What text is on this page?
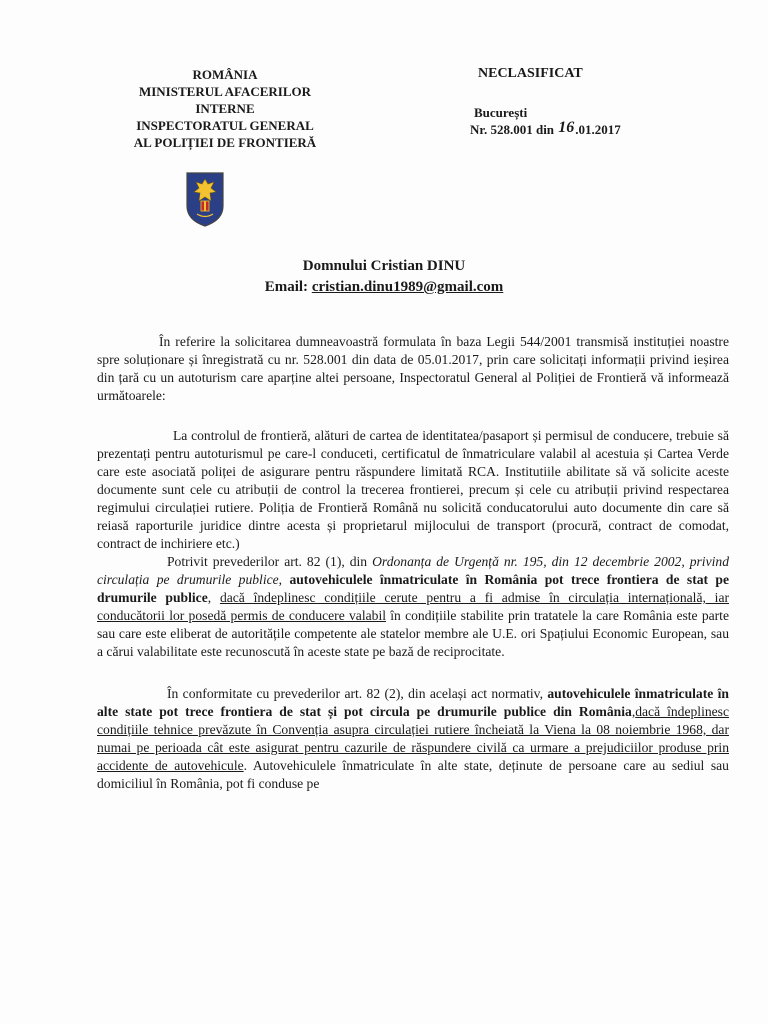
ROMÂNIA
MINISTERUL AFACERILOR
INTERNE
INSPECTORATUL GENERAL
AL POLIȚIEI DE FRONTIERĂ
NECLASIFICAT
București
Nr. 528.001 din 16.01.2017
Domnului Cristian DINU
Email: cristian.dinu1989@gmail.com

În referire la solicitarea dumneavoastră formulata în baza Legii 544/2001 transmisă instituției noastre spre soluționare și înregistrată cu nr. 528.001 din data de 05.01.2017, prin care solicitați informații privind ieșirea din țară cu un autoturism care aparține altei persoane, Inspectoratul General al Poliției de Frontieră vă informează următoarele:

La controlul de frontieră, alături de cartea de identitatea/pasaport și permisul de conducere, trebuie să prezentați pentru autoturismul pe care-l conduceti, certificatul de înmatriculare valabil al acestuia și Cartea Verde care este asociată poliței de asigurare pentru răspundere limitată RCA. Institutiile abilitate să vă solicite aceste documente sunt cele cu atribuții de control la trecerea frontierei, precum și cele cu atribuții privind respectarea regimului circulației rutiere. Poliția de Frontieră Română nu solicită conducatorului auto documente din care să reiasă raporturile juridice dintre acesta și proprietarul mijlocului de transport (procură, contract de comodat, contract de inchiriere etc.)

Potrivit prevederilor art. 82 (1), din Ordonanța de Urgență nr. 195, din 12 decembrie 2002, privind circulația pe drumurile publice, autovehiculele înmatriculate în România pot trece frontiera de stat pe drumurile publice, dacă îndeplinesc condițiile cerute pentru a fi admise în circulația internațională, iar conducătorii lor posedă permis de conducere valabil în condițiile stabilite prin tratatele la care România este parte sau care este eliberat de autoritățile competente ale statelor membre ale U.E. ori Spațiului Economic European, sau a cărui valabilitate este recunoscută în aceste state pe bază de reciprocitate.

În conformitate cu prevederilor art. 82 (2), din același act normativ, autovehiculele înmatriculate în alte state pot trece frontiera de stat și pot circula pe drumurile publice din România,dacă îndeplinesc condițiile tehnice prevăzute în Convenția asupra circulației rutiere încheiată la Viena la 08 noiembrie 1968, dar numai pe perioada cât este asigurat pentru cazurile de răspundere civilă ca urmare a prejudiciilor produse prin accidente de autovehicule. Autovehiculele înmatriculate în alte state, deținute de persoane care au sediul sau domiciliul în România, pot fi conduse pe
